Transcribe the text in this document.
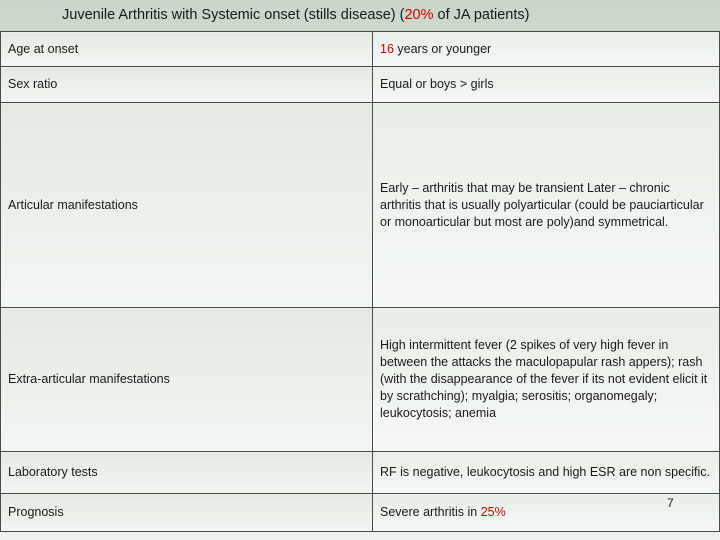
Juvenile Arthritis with Systemic onset (stills disease) (20% of JA patients)
Age at onset	16 years or younger
Sex ratio	Equal or boys > girls
Articular manifestations	Early – arthritis that may be transient Later – chronic arthritis that is usually polyarticular (could be pauciarticular or monoarticular but most are poly)and symmetrical.
Extra-articular manifestations	High intermittent fever (2 spikes of very high fever in between the attacks the maculopapular rash appers); rash (with the disappearance of the fever if its not evident elicit it by scrathching); myalgia; serositis; organomegaly; leukocytosis; anemia
Laboratory tests	RF is negative, leukocytosis and high ESR are non specific.
Prognosis	Severe arthritis in 25%
7
